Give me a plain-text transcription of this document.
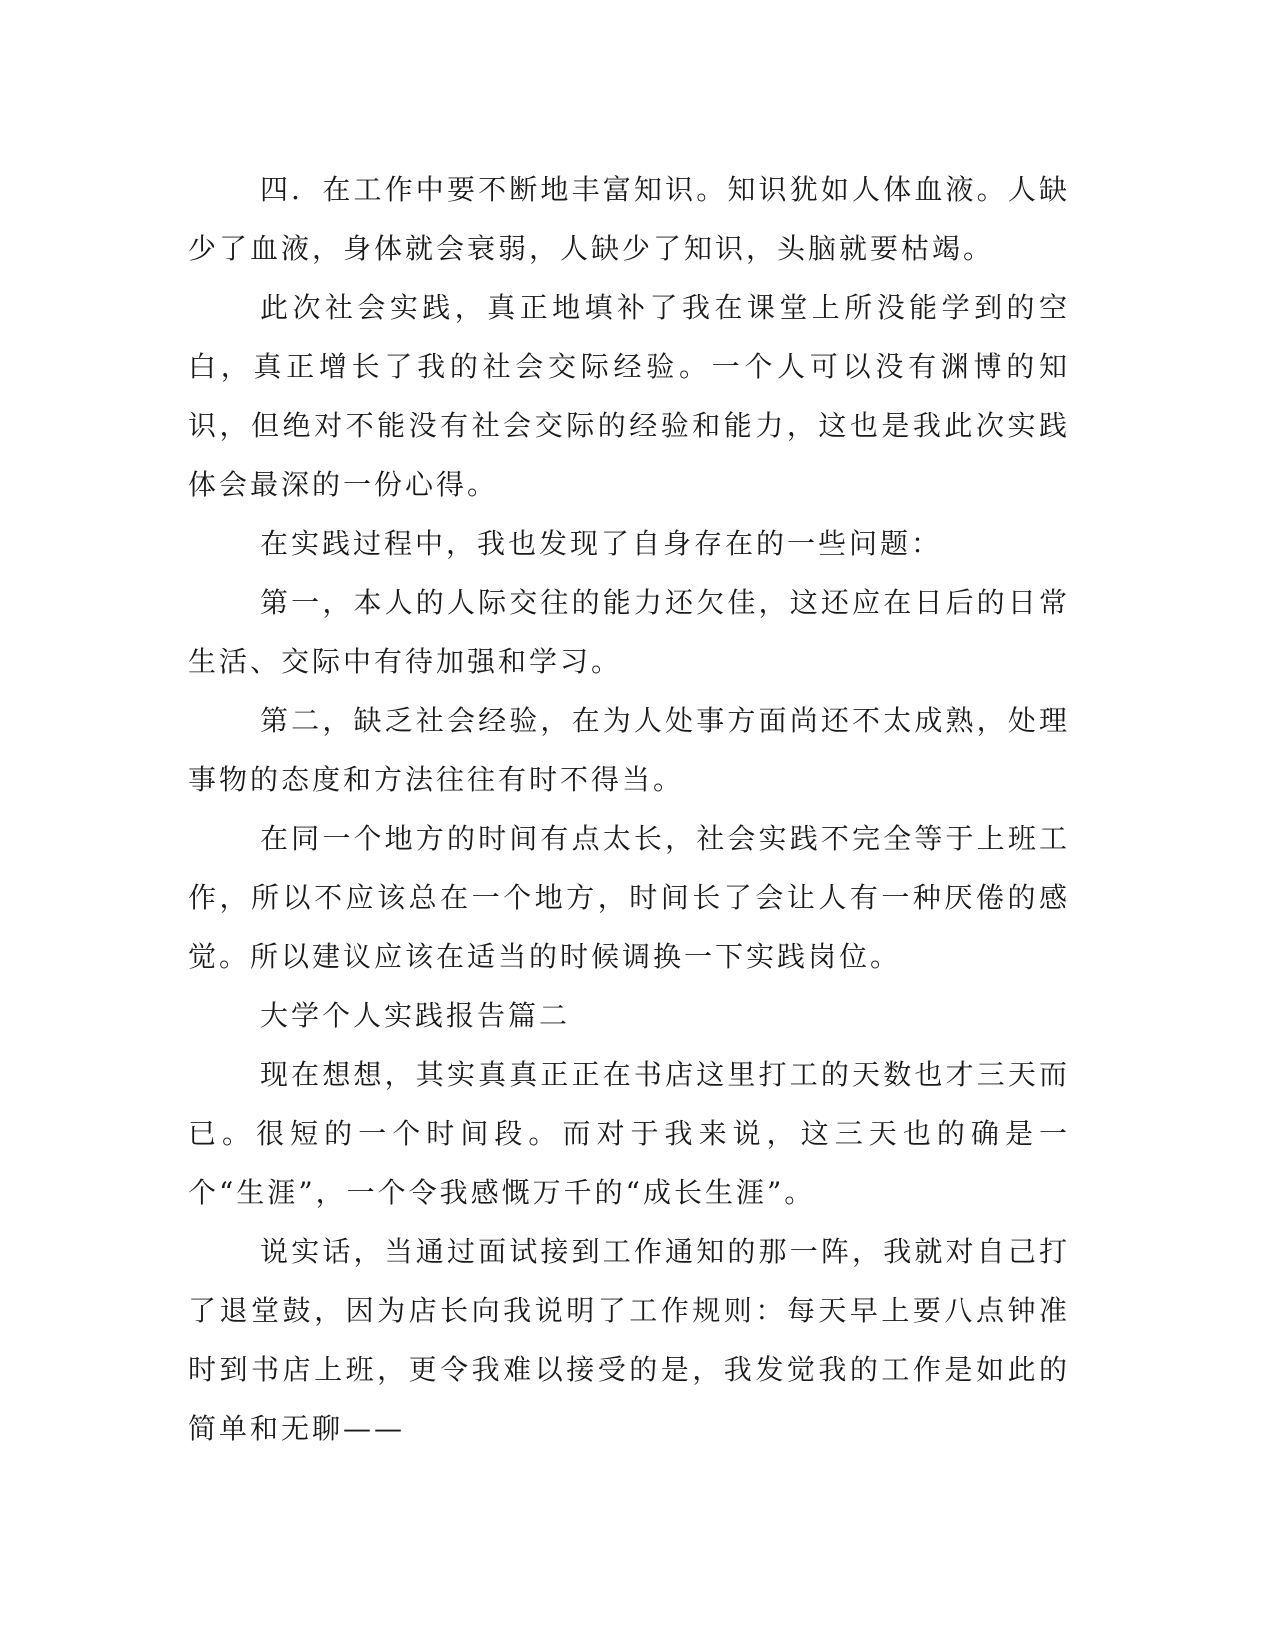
四．在工作中要不断地丰富知识。知识犹如人体血液。人缺少了血液，身体就会衰弱，人缺少了知识，头脑就要枯竭。

此次社会实践，真正地填补了我在课堂上所没能学到的空白，真正增长了我的社会交际经验。一个人可以没有渊博的知识，但绝对不能没有社会交际的经验和能力，这也是我此次实践体会最深的一份心得。

在实践过程中，我也发现了自身存在的一些问题：

第一，本人的人际交往的能力还欠佳，这还应在日后的日常生活、交际中有待加强和学习。

第二，缺乏社会经验，在为人处事方面尚还不太成熟，处理事物的态度和方法往往有时不得当。

在同一个地方的时间有点太长，社会实践不完全等于上班工作，所以不应该总在一个地方，时间长了会让人有一种厌倦的感觉。所以建议应该在适当的时候调换一下实践岗位。

大学个人实践报告篇二

现在想想，其实真真正正在书店这里打工的天数也才三天而已。很短的一个时间段。而对于我来说，这三天也的确是一个“生涯”，一个令我感慨万千的“成长生涯”。

说实话，当通过面试接到工作通知的那一阵，我就对自己打了退堂鼓，因为店长向我说明了工作规则：每天早上要八点钟准时到书店上班，更令我难以接受的是，我发觉我的工作是如此的简单和无聊——
